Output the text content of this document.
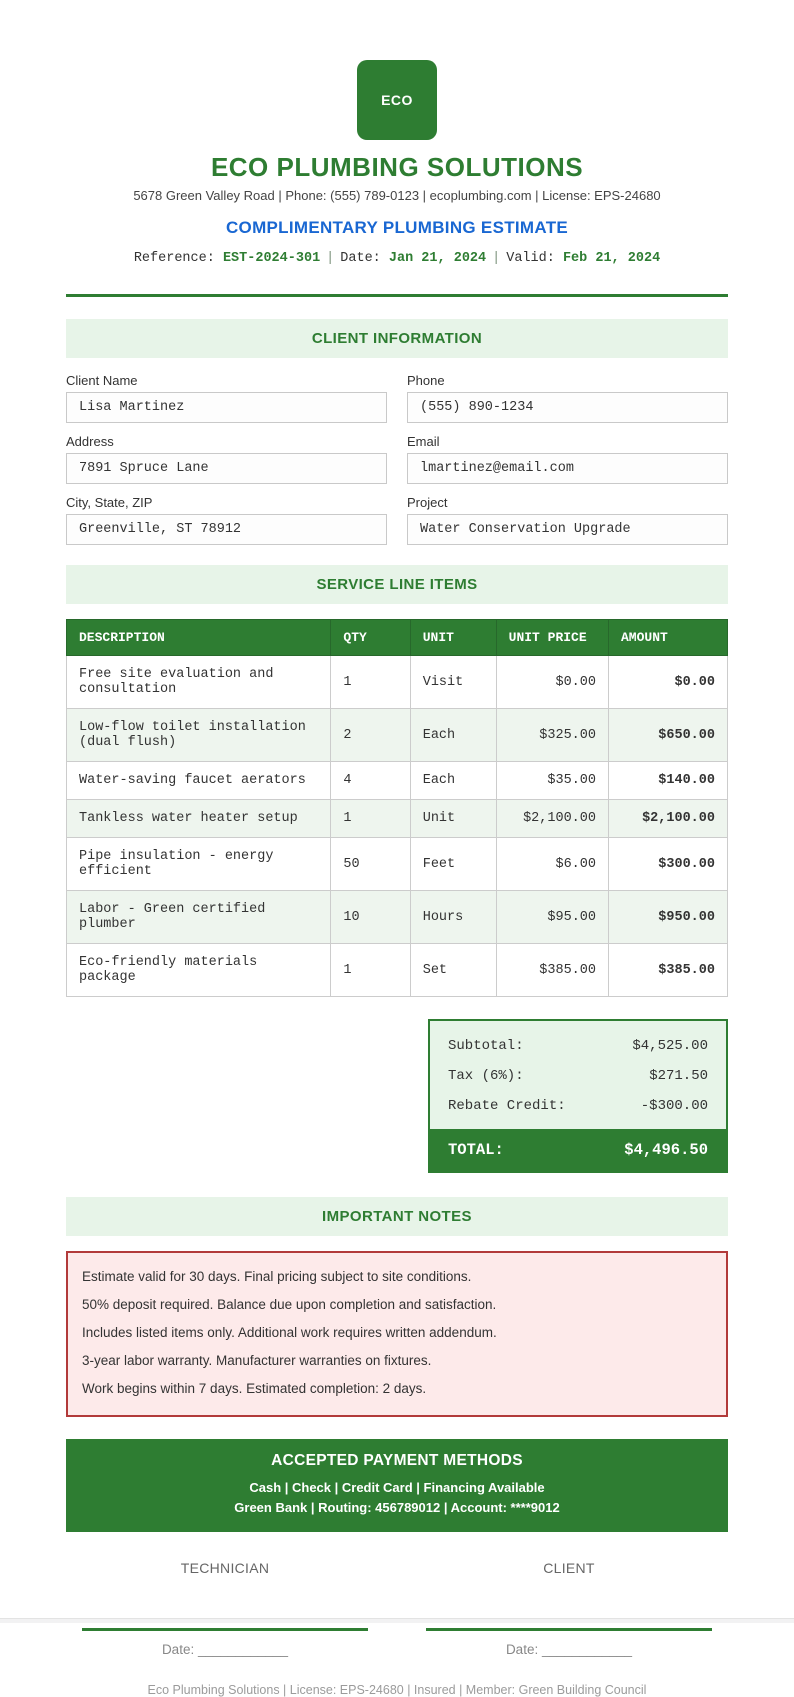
ECO
ECO PLUMBING SOLUTIONS
5678 Green Valley Road | Phone: (555) 789-0123 | ecoplumbing.com | License: EPS-24680
COMPLIMENTARY PLUMBING ESTIMATE
Reference: EST-2024-301 | Date: Jan 21, 2024 | Valid: Feb 21, 2024
CLIENT INFORMATION
Client Name
Lisa Martinez
Phone
(555) 890-1234
Address
7891 Spruce Lane
Email
lmartinez@email.com
City, State, ZIP
Greenville, ST 78912
Project
Water Conservation Upgrade
SERVICE LINE ITEMS
DESCRIPTION	QTY	UNIT	UNIT PRICE	AMOUNT
Free site evaluation and consultation	1	Visit	$0.00	$0.00
Low-flow toilet installation (dual flush)	2	Each	$325.00	$650.00
Water-saving faucet aerators	4	Each	$35.00	$140.00
Tankless water heater setup	1	Unit	$2,100.00	$2,100.00
Pipe insulation - energy efficient	50	Feet	$6.00	$300.00
Labor - Green certified plumber	10	Hours	$95.00	$950.00
Eco-friendly materials package	1	Set	$385.00	$385.00
Subtotal:	$4,525.00
Tax (6%):	$271.50
Rebate Credit:	-$300.00
TOTAL:	$4,496.50
IMPORTANT NOTES
Estimate valid for 30 days. Final pricing subject to site conditions.
50% deposit required. Balance due upon completion and satisfaction.
Includes listed items only. Additional work requires written addendum.
3-year labor warranty. Manufacturer warranties on fixtures.
Work begins within 7 days. Estimated completion: 2 days.
ACCEPTED PAYMENT METHODS
Cash | Check | Credit Card | Financing Available
Green Bank | Routing: 456789012 | Account: ****9012
TECHNICIAN
Date: ____________
CLIENT
Date: ____________
Eco Plumbing Solutions | License: EPS-24680 | Insured | Member: Green Building Council
